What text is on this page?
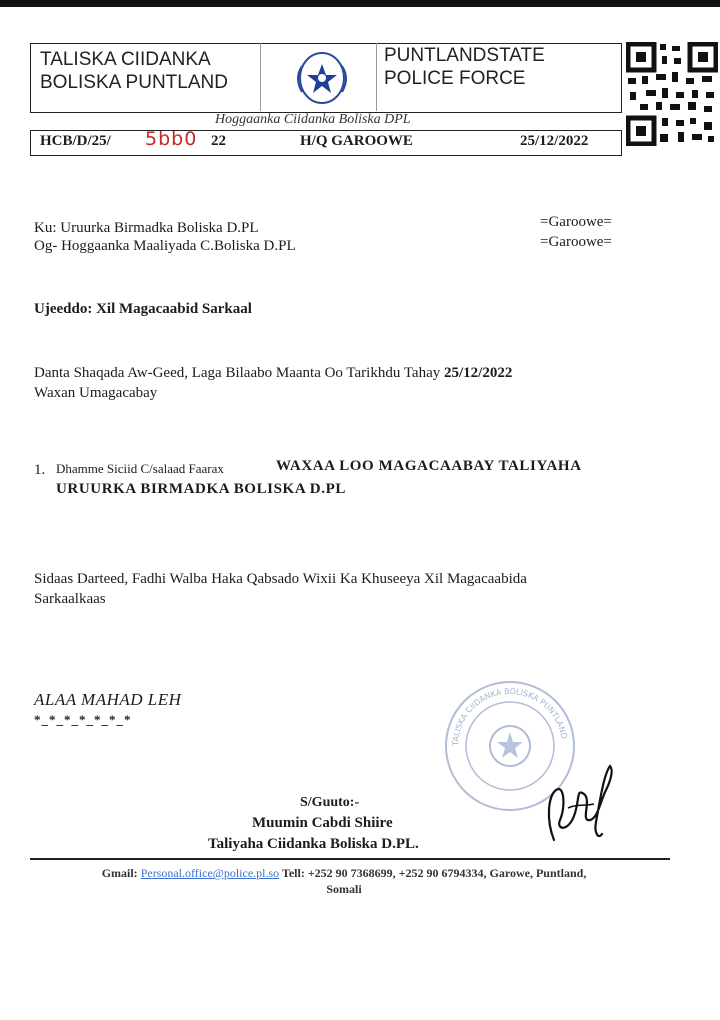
TALISKA CIIDANKA
BOLISKA PUNTLAND
PUNTLANDSTATE
POLICE FORCE
Hoggaanka Ciidanka Boliska DPL
HCB/D/25/ 5bb0 22	H/Q GAROOWE	25/12/2022
Ku: Uruurka Birmadka Boliska D.PL	=Garoowe=
Og- Hoggaanka Maaliyada C.Boliska D.PL	=Garoowe=
Ujeeddo: Xil Magacaabid Sarkaal
Danta Shaqada Aw-Geed, Laga Bilaabo Maanta Oo Tarikhdu Tahay 25/12/2022
Waxan Umagacabay
1. Dhamme Siciid C/salaad Faarax	WAXAA LOO MAGACAABAY TALIYAHA
URUURKA BIRMADKA BOLISKA D.PL
Sidaas Darteed, Fadhi Walba Haka Qabsado Wixii Ka Khuseeya Xil Magacaabida
Sarkaalkaas
ALAA MAHAD LEH
*_*_*_*_*_*_*
TALISKA CIIDANKA BOLISKA PUNTLAND
S/Guuto:-
Muumin Cabdi Shiire
Taliyaha Ciidanka Boliska D.PL.
Gmail: Personal.office@police.pl.so Tell: +252 90 7368699, +252 90 6794334, Garowe, Puntland,
Somali
